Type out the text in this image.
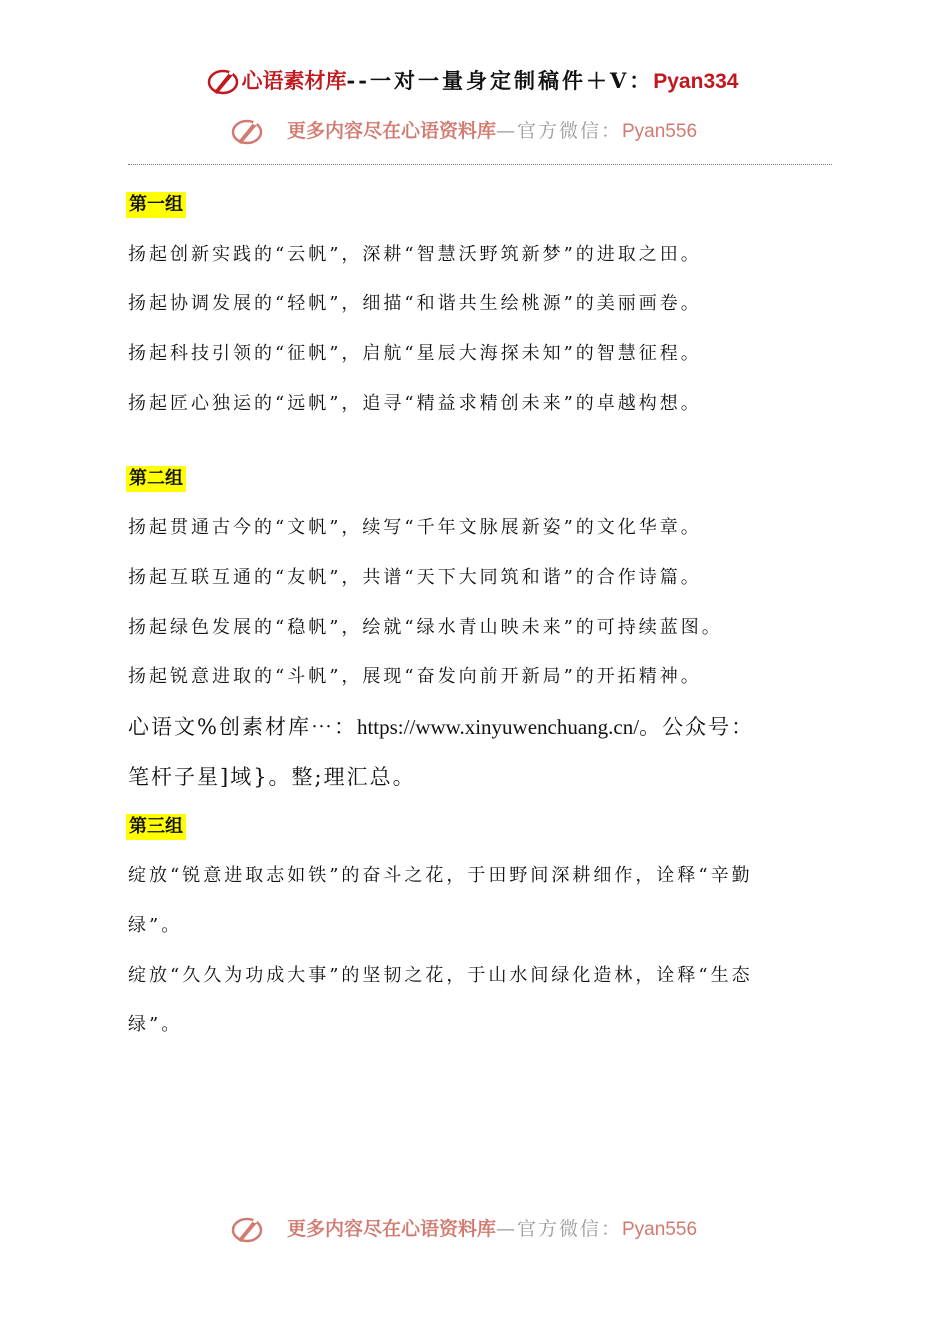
心语素材库--一对一量身定制稿件＋V：Pyan334
更多内容尽在心语资料库—官方微信：Pyan556
第一组
扬起创新实践的“云帆”，深耕“智慧沃野筑新梦”的进取之田。
扬起协调发展的“轻帆”，细描“和谐共生绘桃源”的美丽画卷。
扬起科技引领的“征帆”，启航“星辰大海探未知”的智慧征程。
扬起匠心独运的“远帆”，追寻“精益求精创未来”的卓越构想。
第二组
扬起贯通古今的“文帆”，续写“千年文脉展新姿”的文化华章。
扬起互联互通的“友帆”，共谱“天下大同筑和谐”的合作诗篇。
扬起绿色发展的“稳帆”，绘就“绿水青山映未来”的可持续蓝图。
扬起锐意进取的“斗帆”，展现“奋发向前开新局”的开拓精神。
心语文%创素材库⋯：https://www.xinyuwenchuang.cn/。公众号：
笔杆子星]域}。整;理汇总。
第三组
绽放“锐意进取志如铁”的奋斗之花，于田野间深耕细作，诠释“辛勤
绿”。
绽放“久久为功成大事”的坚韧之花，于山水间绿化造林，诠释“生态
绿”。
更多内容尽在心语资料库—官方微信：Pyan556
